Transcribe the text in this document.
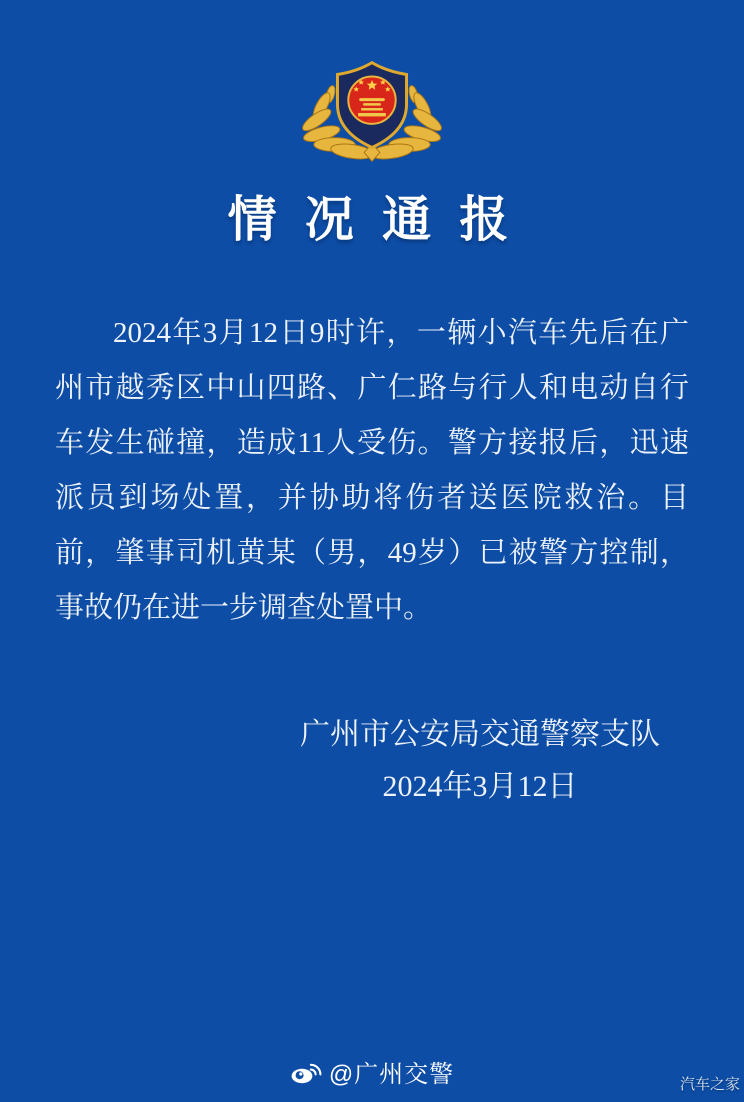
情 况 通 报

2024年3月12日9时许，一辆小汽车先后在广

州市越秀区中山四路、广仁路与行人和电动自行

车发生碰撞，造成11人受伤。警方接报后，迅速

派员到场处置，并协助将伤者送医院救治。目

前，肇事司机黄某（男，49岁）已被警方控制，

事故仍在进一步调查处置中。

广州市公安局交通警察支队
2024年3月12日
@广州交警	汽车之家
